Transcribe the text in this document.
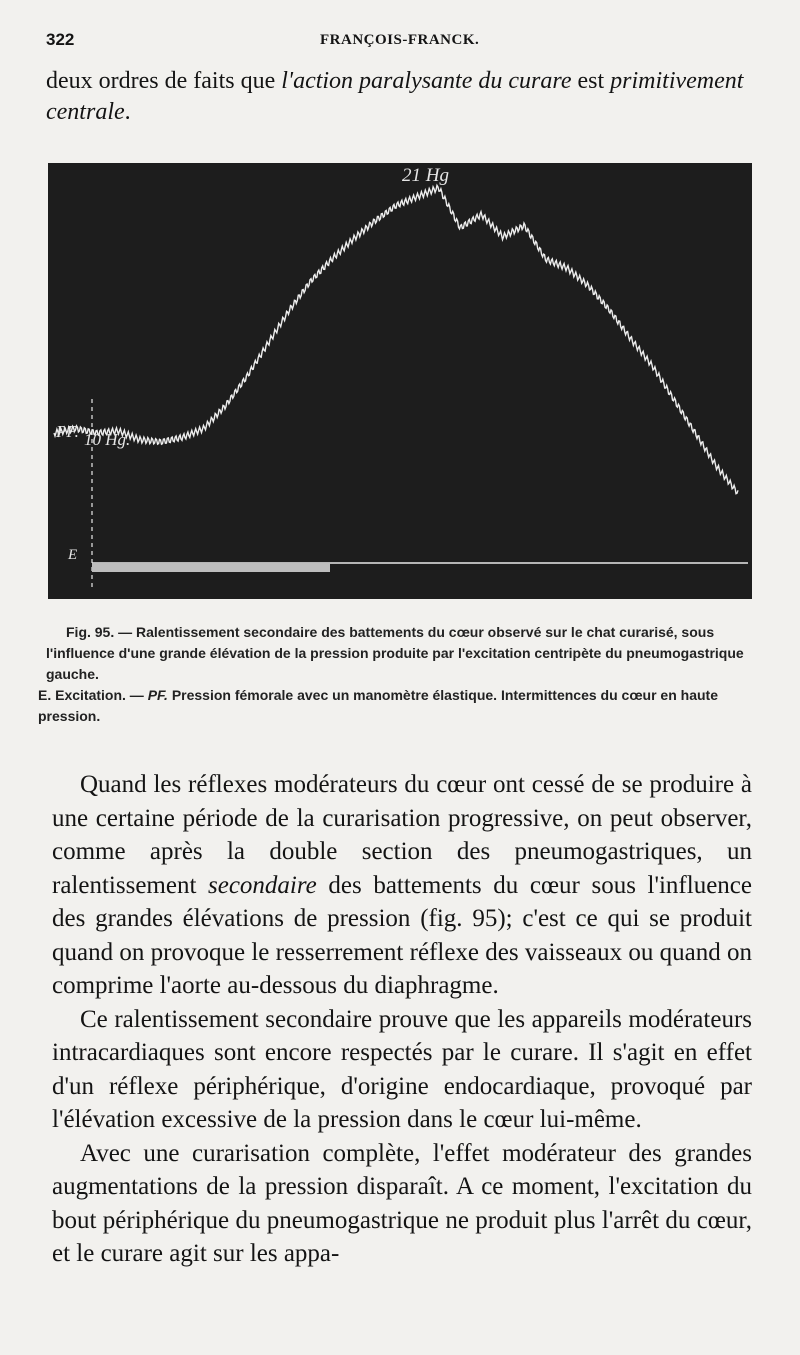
322	FRANÇOIS-FRANCK.

deux ordres de faits que l'action paralysante du curare est primitivement centrale.

E
PF. 10 Hg.
21 Hg

Fig. 95. — Ralentissement secondaire des battements du cœur observé sur le chat curarisé, sous l'influence d'une grande élévation de la pression produite par l'excitation centripète du pneumogastrique gauche.

E. Excitation. — PF. Pression fémorale avec un manomètre élastique. Intermittences du cœur en haute pression.

Quand les réflexes modérateurs du cœur ont cessé de se produire à une certaine période de la curarisation progressive, on peut observer, comme après la double section des pneumogastriques, un ralentissement secondaire des battements du cœur sous l'influence des grandes élévations de pression (fig. 95); c'est ce qui se produit quand on provoque le resserrement réflexe des vaisseaux ou quand on comprime l'aorte au-dessous du diaphragme.

Ce ralentissement secondaire prouve que les appareils modérateurs intracardiaques sont encore respectés par le curare. Il s'agit en effet d'un réflexe périphérique, d'origine endocardiaque, provoqué par l'élévation excessive de la pression dans le cœur lui-même.

Avec une curarisation complète, l'effet modérateur des grandes augmentations de la pression disparaît. A ce moment, l'excitation du bout périphérique du pneumogastrique ne produit plus l'arrêt du cœur, et le curare agit sur les appa-
